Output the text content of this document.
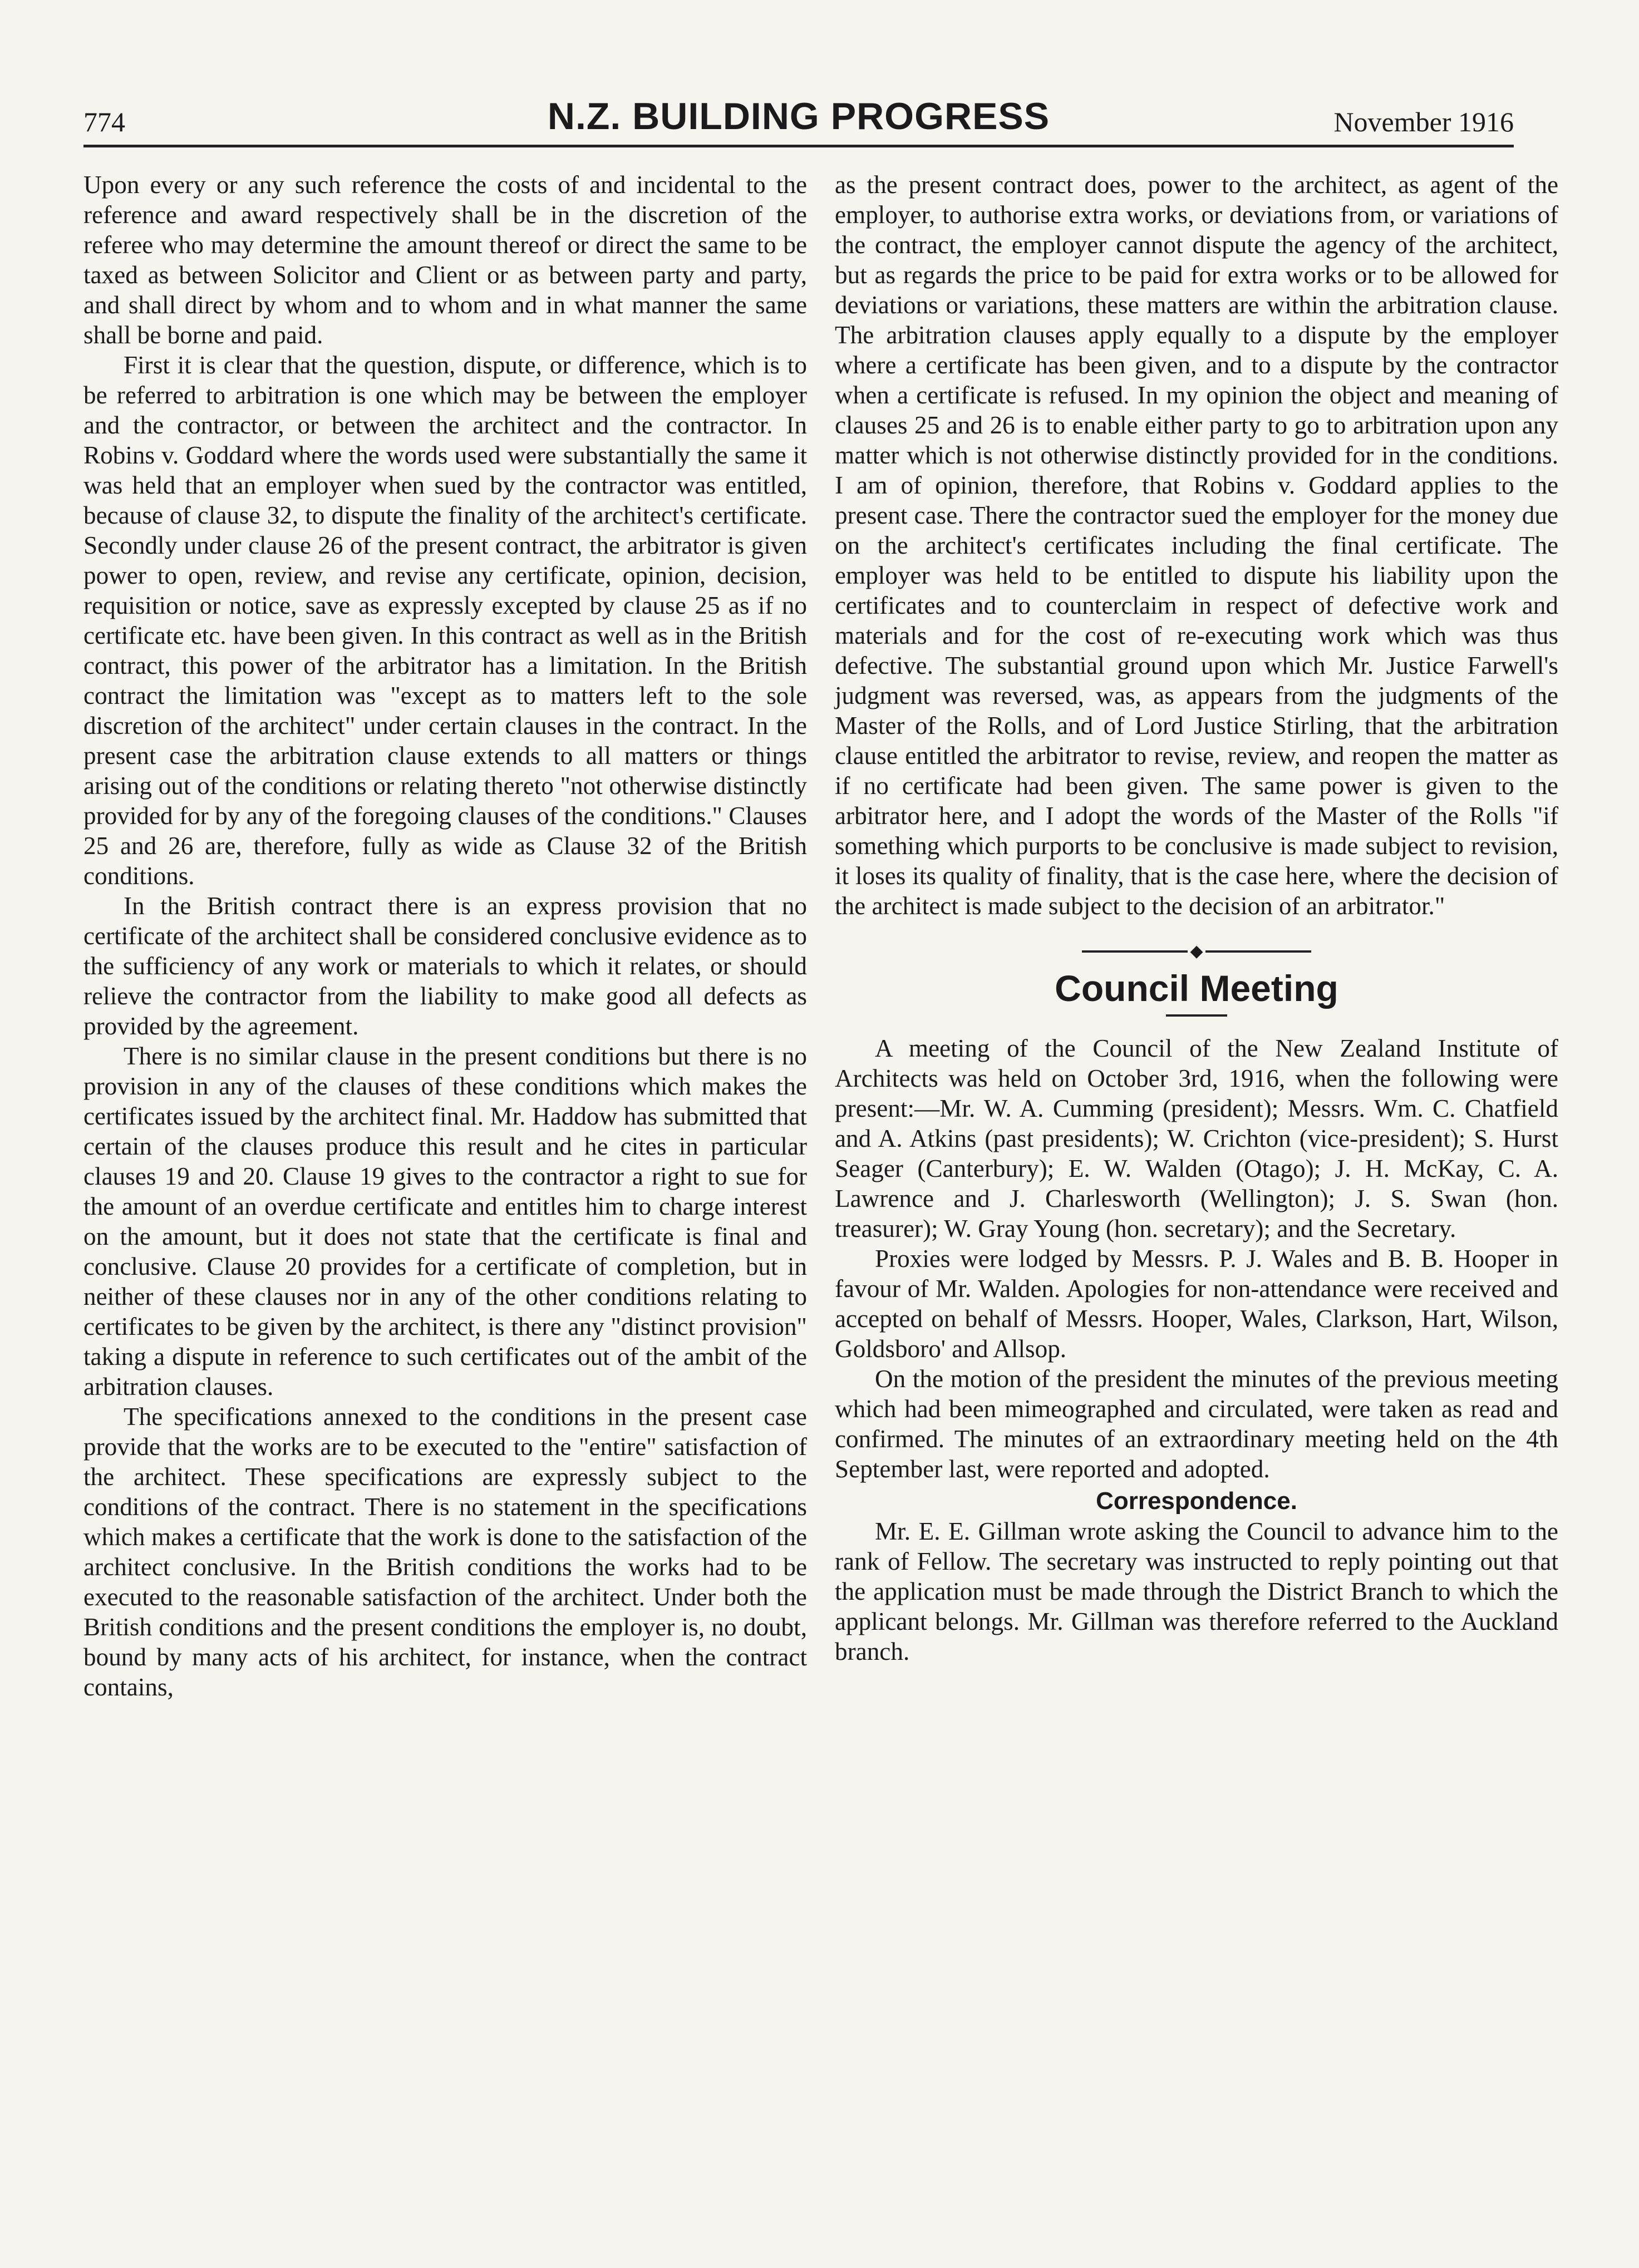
774	N.Z. BUILDING PROGRESS	November 1916

Upon every or any such reference the costs of and incidental to the reference and award respectively shall be in the discretion of the referee who may determine the amount thereof or direct the same to be taxed as between Solicitor and Client or as between party and party, and shall direct by whom and to whom and in what manner the same shall be borne and paid.

First it is clear that the question, dispute, or difference, which is to be referred to arbitration is one which may be between the employer and the contractor, or between the architect and the contractor. In Robins v. Goddard where the words used were substantially the same it was held that an employer when sued by the contractor was entitled, because of clause 32, to dispute the finality of the architect's certificate. Secondly under clause 26 of the present contract, the arbitrator is given power to open, review, and revise any certificate, opinion, decision, requisition or notice, save as expressly excepted by clause 25 as if no certificate etc. have been given. In this contract as well as in the British contract, this power of the arbitrator has a limitation. In the British contract the limitation was "except as to matters left to the sole discretion of the architect" under certain clauses in the contract. In the present case the arbitration clause extends to all matters or things arising out of the conditions or relating thereto "not otherwise distinctly provided for by any of the foregoing clauses of the conditions." Clauses 25 and 26 are, therefore, fully as wide as Clause 32 of the British conditions.

In the British contract there is an express provision that no certificate of the architect shall be considered conclusive evidence as to the sufficiency of any work or materials to which it relates, or should relieve the contractor from the liability to make good all defects as provided by the agreement.

There is no similar clause in the present conditions but there is no provision in any of the clauses of these conditions which makes the certificates issued by the architect final. Mr. Haddow has submitted that certain of the clauses produce this result and he cites in particular clauses 19 and 20. Clause 19 gives to the contractor a right to sue for the amount of an overdue certificate and entitles him to charge interest on the amount, but it does not state that the certificate is final and conclusive. Clause 20 provides for a certificate of completion, but in neither of these clauses nor in any of the other conditions relating to certificates to be given by the architect, is there any "distinct provision" taking a dispute in reference to such certificates out of the ambit of the arbitration clauses.

The specifications annexed to the conditions in the present case provide that the works are to be executed to the "entire" satisfaction of the architect. These specifications are expressly subject to the conditions of the contract. There is no statement in the specifications which makes a certificate that the work is done to the satisfaction of the architect conclusive. In the British conditions the works had to be executed to the reasonable satisfaction of the architect. Under both the British conditions and the present conditions the employer is, no doubt, bound by many acts of his architect, for instance, when the contract contains,

as the present contract does, power to the architect, as agent of the employer, to authorise extra works, or deviations from, or variations of the contract, the employer cannot dispute the agency of the architect, but as regards the price to be paid for extra works or to be allowed for deviations or variations, these matters are within the arbitration clause. The arbitration clauses apply equally to a dispute by the employer where a certificate has been given, and to a dispute by the contractor when a certificate is refused. In my opinion the object and meaning of clauses 25 and 26 is to enable either party to go to arbitration upon any matter which is not otherwise distinctly provided for in the conditions. I am of opinion, therefore, that Robins v. Goddard applies to the present case. There the contractor sued the employer for the money due on the architect's certificates including the final certificate. The employer was held to be entitled to dispute his liability upon the certificates and to counterclaim in respect of defective work and materials and for the cost of re-executing work which was thus defective. The substantial ground upon which Mr. Justice Farwell's judgment was reversed, was, as appears from the judgments of the Master of the Rolls, and of Lord Justice Stirling, that the arbitration clause entitled the arbitrator to revise, review, and reopen the matter as if no certificate had been given. The same power is given to the arbitrator here, and I adopt the words of the Master of the Rolls "if something which purports to be conclusive is made subject to revision, it loses its quality of finality, that is the case here, where the decision of the architect is made subject to the decision of an arbitrator."

◆
Council Meeting

A meeting of the Council of the New Zealand Institute of Architects was held on October 3rd, 1916, when the following were present:—Mr. W. A. Cumming (president); Messrs. Wm. C. Chatfield and A. Atkins (past presidents); W. Crichton (vice-president); S. Hurst Seager (Canterbury); E. W. Walden (Otago); J. H. McKay, C. A. Lawrence and J. Charlesworth (Wellington); J. S. Swan (hon. treasurer); W. Gray Young (hon. secretary); and the Secretary.

Proxies were lodged by Messrs. P. J. Wales and B. B. Hooper in favour of Mr. Walden. Apologies for non-attendance were received and accepted on behalf of Messrs. Hooper, Wales, Clarkson, Hart, Wilson, Goldsboro' and Allsop.

On the motion of the president the minutes of the previous meeting which had been mimeographed and circulated, were taken as read and confirmed. The minutes of an extraordinary meeting held on the 4th September last, were reported and adopted.

Correspondence.

Mr. E. E. Gillman wrote asking the Council to advance him to the rank of Fellow. The secretary was instructed to reply pointing out that the application must be made through the District Branch to which the applicant belongs. Mr. Gillman was therefore referred to the Auckland branch.
